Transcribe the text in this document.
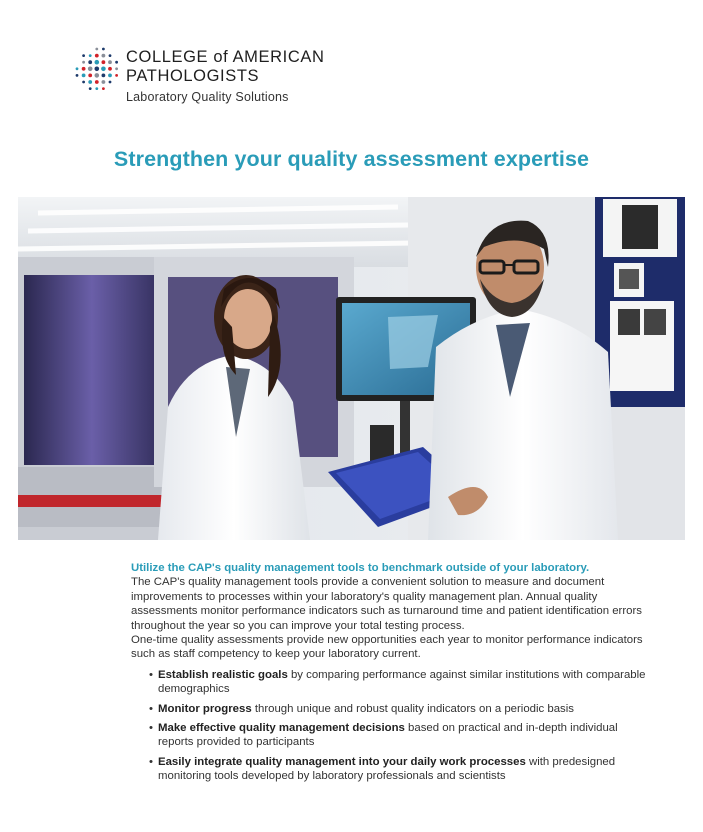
COLLEGE of AMERICAN
PATHOLOGISTS
Laboratory Quality Solutions
Strengthen your quality assessment expertise

Utilize the CAP's quality management tools to benchmark outside of your laboratory.
The CAP's quality management tools provide a convenient solution to measure and document improvements to processes within your laboratory's quality management plan. Annual quality assessments monitor performance indicators such as turnaround time and patient identification errors throughout the year so you can improve your total testing process.
One-time quality assessments provide new opportunities each year to monitor performance indicators such as staff competency to keep your laboratory current.

• Establish realistic goals by comparing performance against similar institutions with comparable demographics
• Monitor progress through unique and robust quality indicators on a periodic basis
• Make effective quality management decisions based on practical and in-depth individual reports provided to participants
• Easily integrate quality management into your daily work processes with predesigned monitoring tools developed by laboratory professionals and scientists
